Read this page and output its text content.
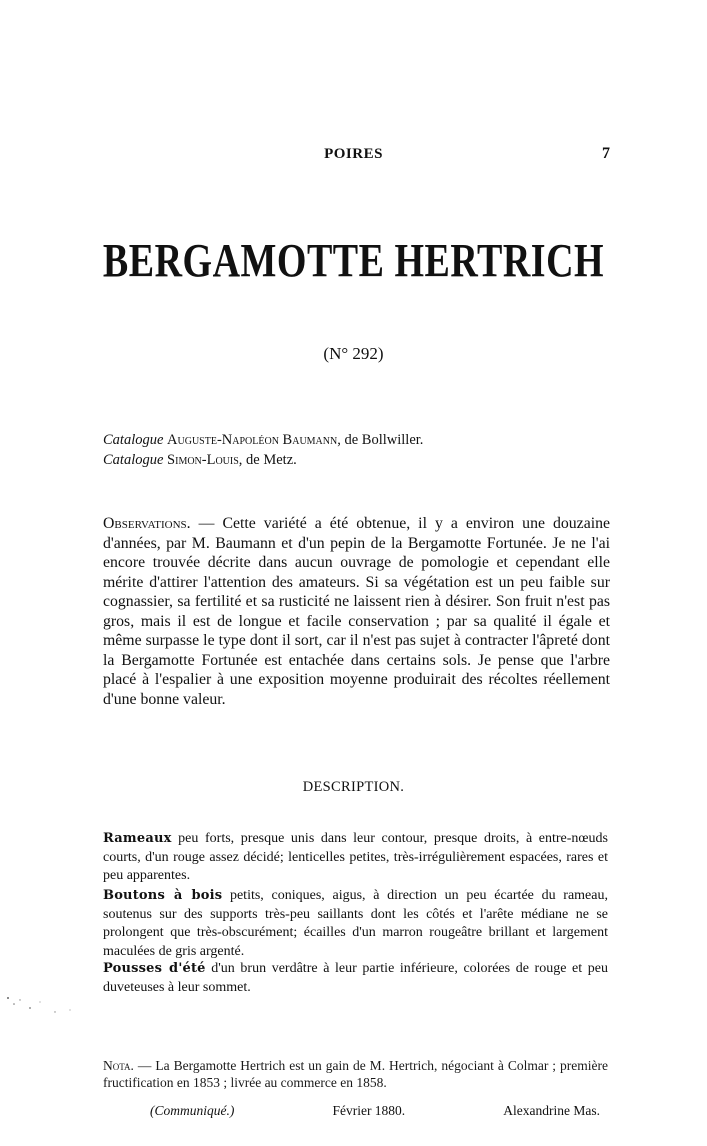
POIRES	7
BERGAMOTTE HERTRICH
(N° 292)
Catalogue Auguste-Napoléon Baumann, de Bollwiller.
Catalogue Simon-Louis, de Metz.
Observations. — Cette variété a été obtenue, il y a environ une douzaine d'années, par M. Baumann et d'un pepin de la Bergamotte Fortunée. Je ne l'ai encore trouvée décrite dans aucun ouvrage de pomologie et cependant elle mérite d'attirer l'attention des amateurs. Si sa végétation est un peu faible sur cognassier, sa fertilité et sa rusticité ne laissent rien à désirer. Son fruit n'est pas gros, mais il est de longue et facile conservation ; par sa qualité il égale et même surpasse le type dont il sort, car il n'est pas sujet à contracter l'âpreté dont la Bergamotte Fortunée est entachée dans certains sols. Je pense que l'arbre placé à l'espalier à une exposition moyenne produirait des récoltes réellement d'une bonne valeur.
DESCRIPTION.
Rameaux peu forts, presque unis dans leur contour, presque droits, à entre-nœuds courts, d'un rouge assez décidé; lenticelles petites, très-irrégulièrement espacées, rares et peu apparentes.
Boutons à bois petits, coniques, aigus, à direction un peu écartée du rameau, soutenus sur des supports très-peu saillants dont les côtés et l'arête médiane ne se prolongent que très-obscurément; écailles d'un marron rougeâtre brillant et largement maculées de gris argenté.
Pousses d'été d'un brun verdâtre à leur partie inférieure, colorées de rouge et peu duveteuses à leur sommet.
Nota. — La Bergamotte Hertrich est un gain de M. Hertrich, négociant à Colmar ; première fructification en 1853 ; livrée au commerce en 1858.
(Communiqué.)	Février 1880.	Alexandrine Mas.
